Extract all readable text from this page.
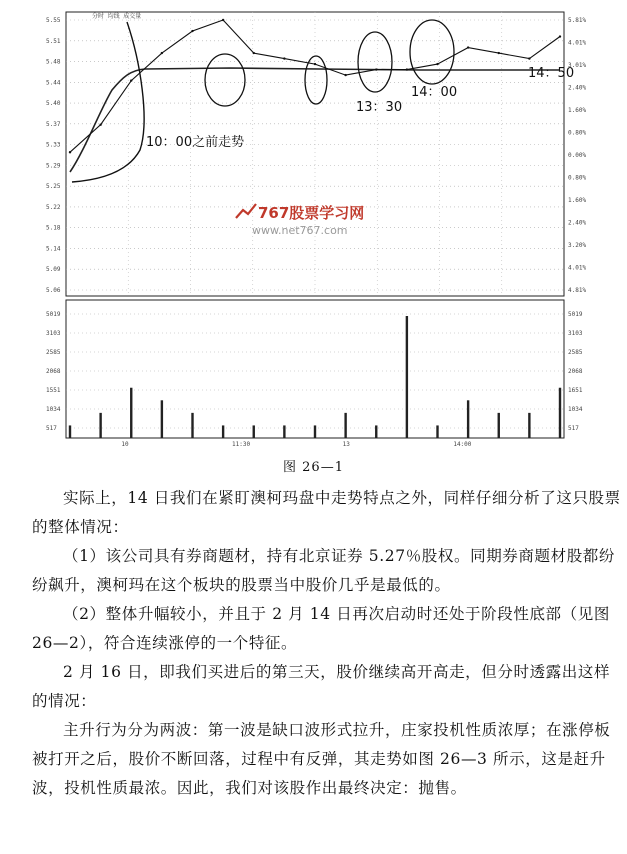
5.55
5.51
5.48
5.44
5.40
5.37
5.33
5.29
5.25
5.22
5.18
5.14
5.09
5.06
5.81%
4.01%
3.01%
2.40%
1.60%
0.80%
0.00%
0.80%
1.60%
2.40%
3.20%
4.01%
4.81%
分时 均线 成交量
10：00之前走势
13：30
14：00
14：50
767股票学习网
www.net767.com
5019
3103
2585
2068
1551
1034
517
5019
3103
2585
2068
1651
1034
517
10	11:30	13	14:00
图 26—1

实际上，14 日我们在紧盯澳柯玛盘中走势特点之外，同样仔细分析了这只股票的整体情况：

（1）该公司具有券商题材，持有北京证券 5.27％股权。同期券商题材股都纷纷飙升，澳柯玛在这个板块的股票当中股价几乎是最低的。

（2）整体升幅较小，并且于 2 月 14 日再次启动时还处于阶段性底部（见图 26—2），符合连续涨停的一个特征。

2 月 16 日，即我们买进后的第三天，股价继续高开高走，但分时透露出这样的情况：

主升行为分为两波：第一波是缺口波形式拉升，庄家投机性质浓厚；在涨停板被打开之后，股价不断回落，过程中有反弹，其走势如图 26—3 所示，这是赶升波，投机性质最浓。因此，我们对该股作出最终决定：抛售。
